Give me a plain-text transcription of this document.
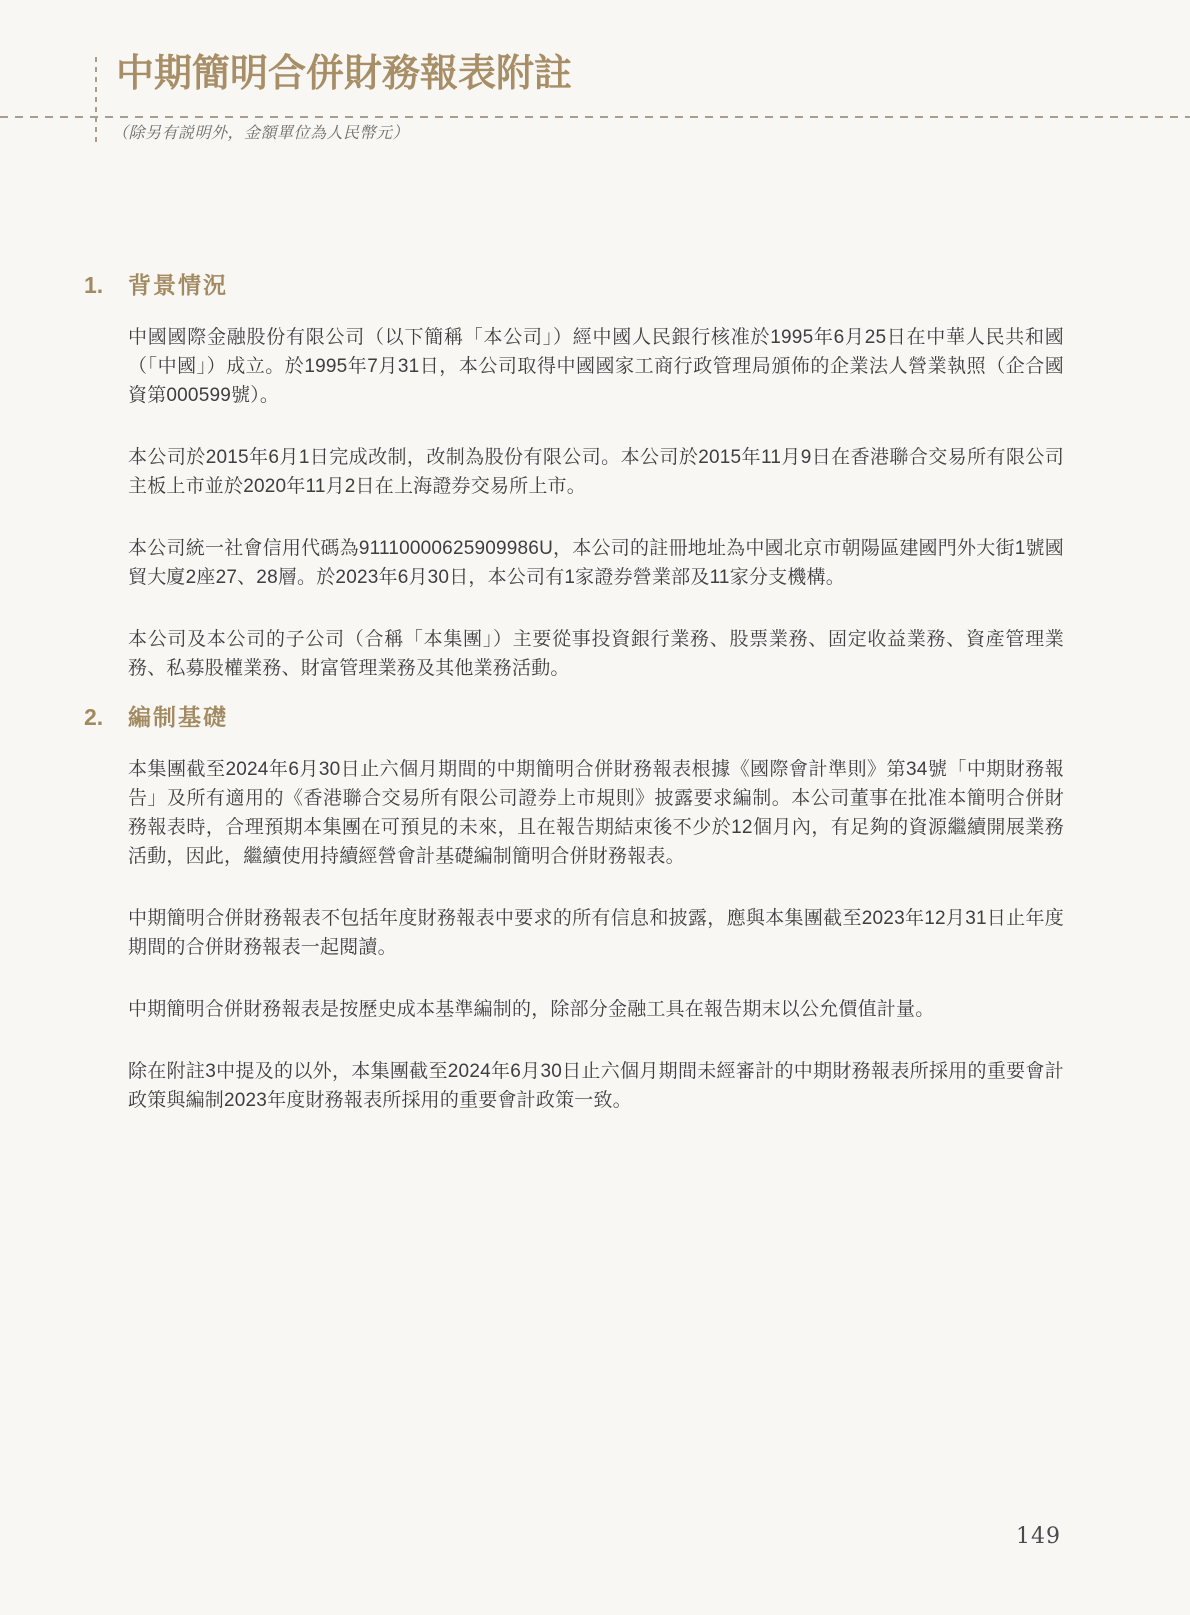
中期簡明合併財務報表附註
（除另有説明外，金額單位為人民幣元）
1.	背景情況

中國國際金融股份有限公司（以下簡稱「本公司」）經中國人民銀行核准於1995年6月25日在中華人民共和國（「中國」）成立。於1995年7月31日，本公司取得中國國家工商行政管理局頒佈的企業法人營業執照（企合國資第000599號）。

本公司於2015年6月1日完成改制，改制為股份有限公司。本公司於2015年11月9日在香港聯合交易所有限公司主板上市並於2020年11月2日在上海證券交易所上市。

本公司統一社會信用代碼為91110000625909986U，本公司的註冊地址為中國北京市朝陽區建國門外大街1號國貿大廈2座27、28層。於2023年6月30日，本公司有1家證券營業部及11家分支機構。

本公司及本公司的子公司（合稱「本集團」）主要從事投資銀行業務、股票業務、固定收益業務、資產管理業務、私募股權業務、財富管理業務及其他業務活動。

2.	編制基礎

本集團截至2024年6月30日止六個月期間的中期簡明合併財務報表根據《國際會計準則》第34號「中期財務報告」及所有適用的《香港聯合交易所有限公司證券上市規則》披露要求編制。本公司董事在批准本簡明合併財務報表時，合理預期本集團在可預見的未來，且在報告期結束後不少於12個月內，有足夠的資源繼續開展業務活動，因此，繼續使用持續經營會計基礎編制簡明合併財務報表。

中期簡明合併財務報表不包括年度財務報表中要求的所有信息和披露，應與本集團截至2023年12月31日止年度期間的合併財務報表一起閱讀。

中期簡明合併財務報表是按歷史成本基準編制的，除部分金融工具在報告期末以公允價值計量。

除在附註3中提及的以外，本集團截至2024年6月30日止六個月期間未經審計的中期財務報表所採用的重要會計政策與編制2023年度財務報表所採用的重要會計政策一致。

149
